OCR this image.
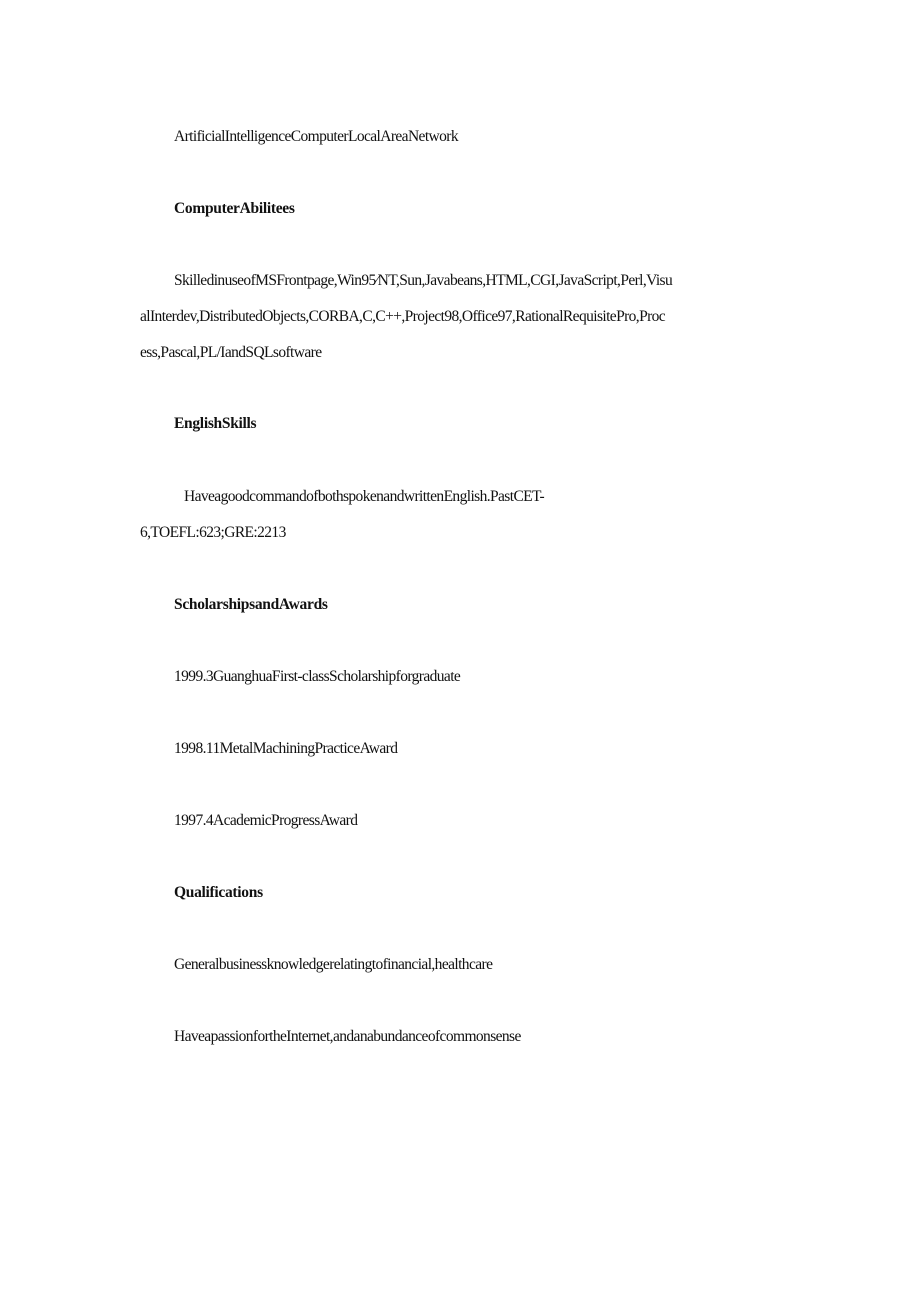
ArtificialIntelligenceComputerLocalAreaNetwork

ComputerAbilitees

SkilledinuseofMSFrontpage,Win95⁄NT,Sun,Javabeans,HTML,CGI,JavaScript,Perl,Visu

alInterdev,DistributedObjects,CORBA,C,C++,Project98,Office97,RationalRequisitePro,Proc

ess,Pascal,PL/IandSQLsoftware

EnglishSkills

HaveagoodcommandofbothspokenandwrittenEnglish.PastCET-

6,TOEFL:623;GRE:2213

ScholarshipsandAwards

1999.3GuanghuaFirst-classScholarshipforgraduate

1998.11MetalMachiningPracticeAward

1997.4AcademicProgressAward

Qualifications

Generalbusinessknowledgerelatingtofinancial,healthcare

HaveapassionfortheInternet,andanabundanceofcommonsense
